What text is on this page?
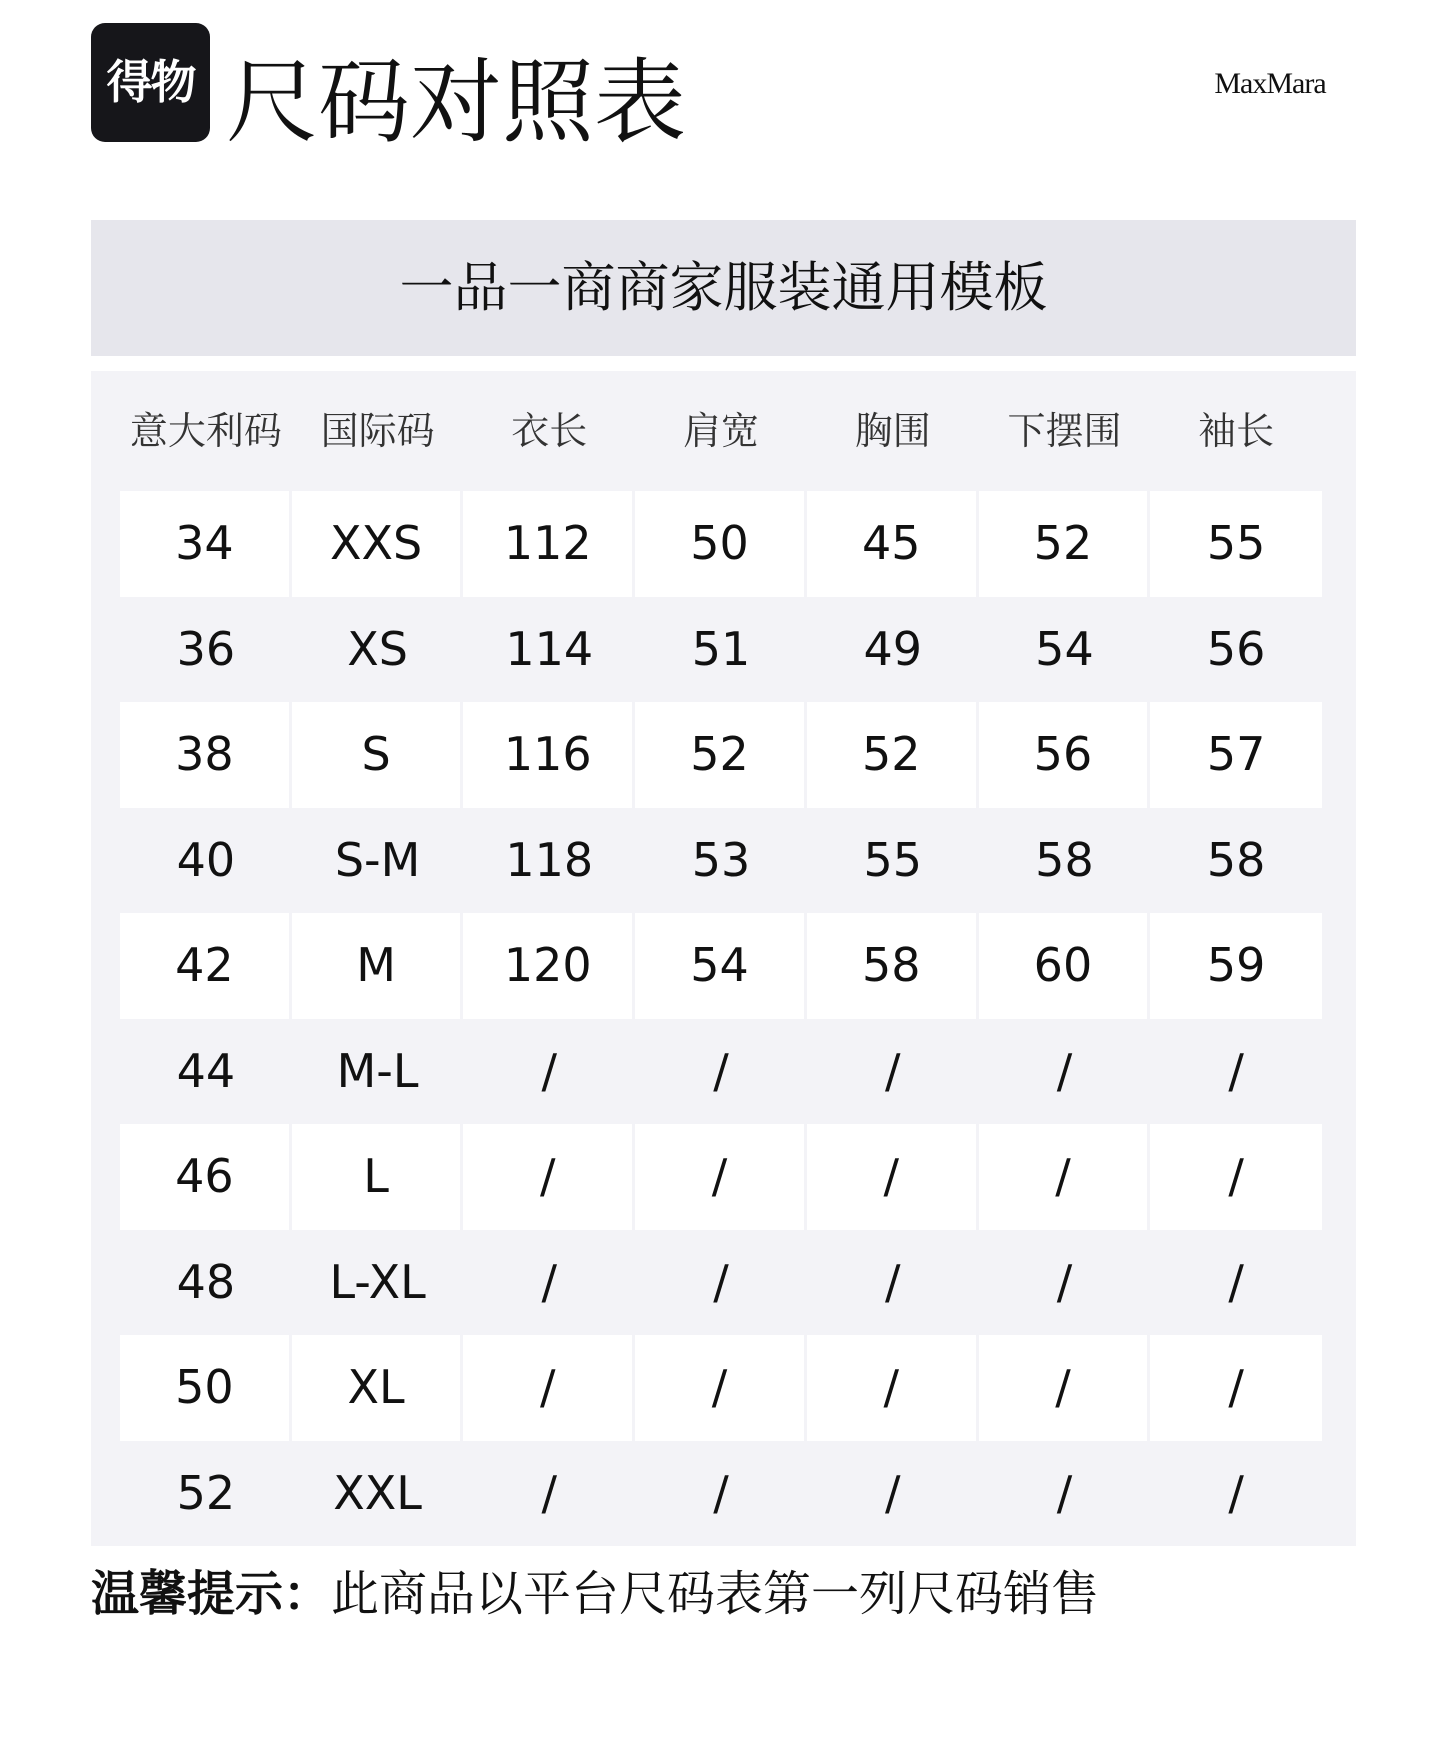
得物 尺码对照表	MaxMara
一品一商商家服装通用模板
意大利码	国际码	衣长	肩宽	胸围	下摆围	袖长
34	XXS	112	50	45	52	55
36	XS	114	51	49	54	56
38	S	116	52	52	56	57
40	S-M	118	53	55	58	58
42	M	120	54	58	60	59
44	M-L	/	/	/	/	/
46	L	/	/	/	/	/
48	L-XL	/	/	/	/	/
50	XL	/	/	/	/	/
52	XXL	/	/	/	/	/
温馨提示：此商品以平台尺码表第一列尺码销售
